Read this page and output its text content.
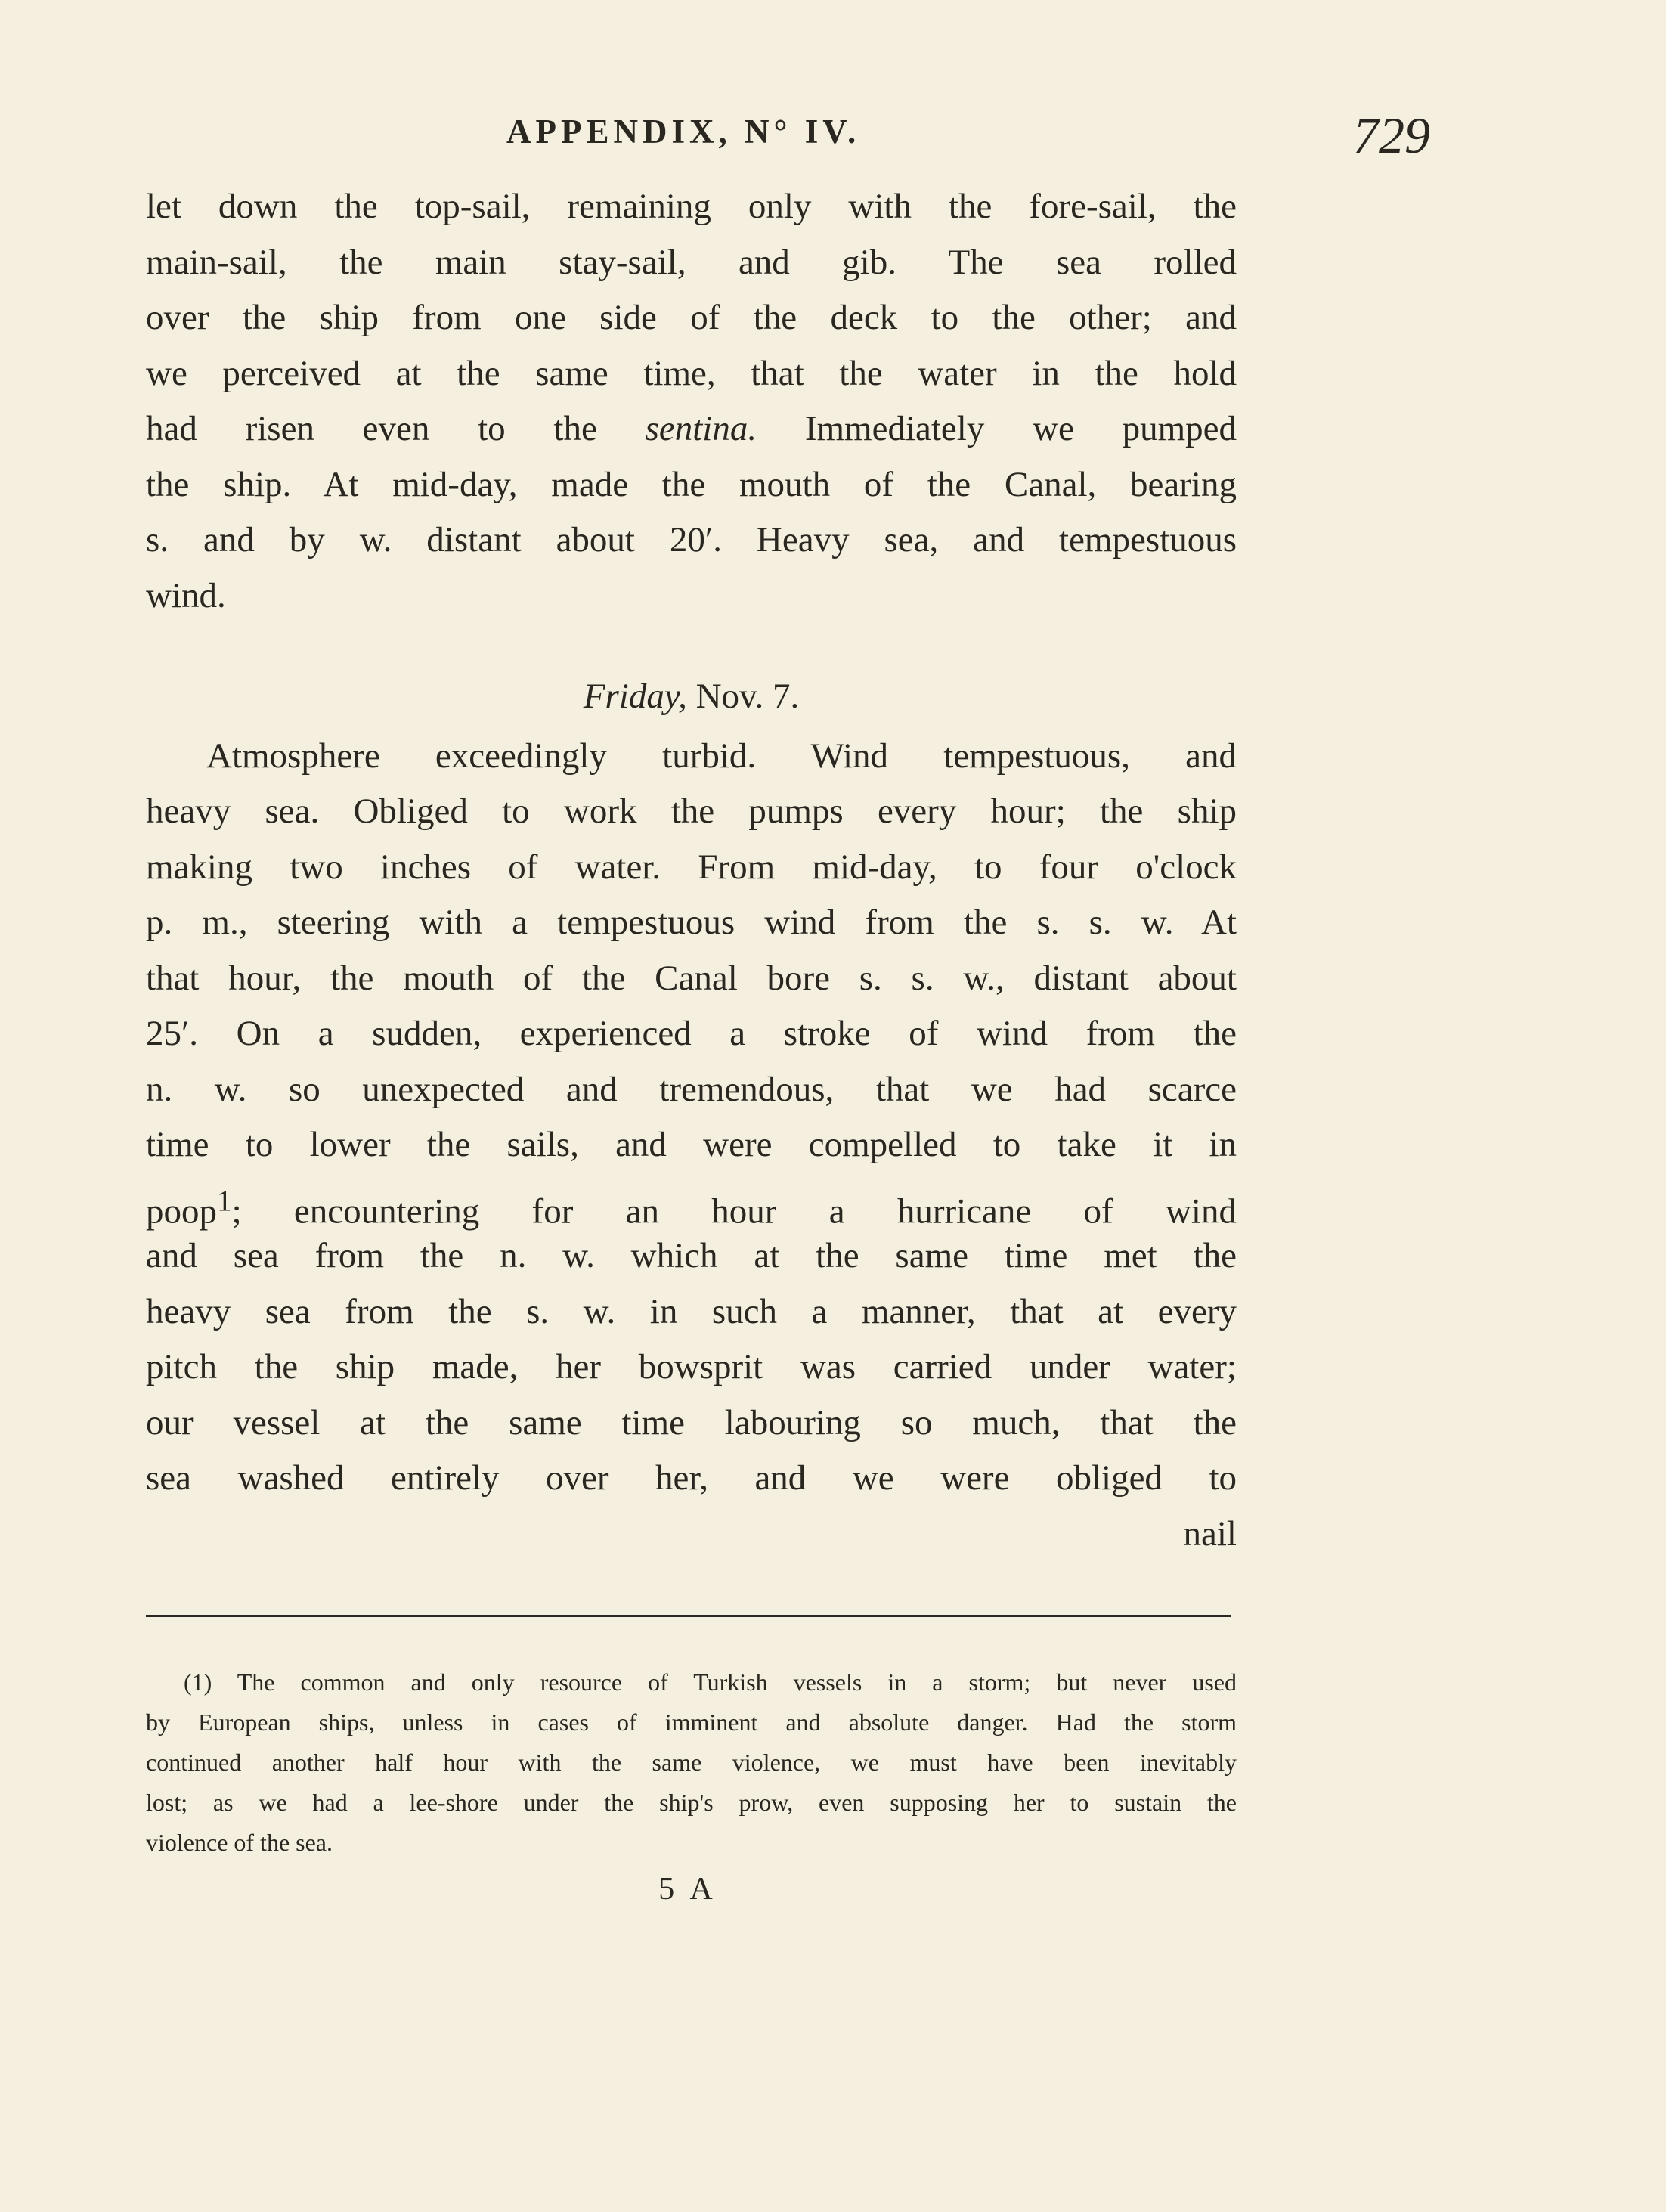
APPENDIX, N° IV.	729
let down the top-sail, remaining only with the fore-sail, the
main-sail, the main stay-sail, and gib. The sea rolled
over the ship from one side of the deck to the other; and
we perceived at the same time, that the water in the hold
had risen even to the sentina. Immediately we pumped
the ship. At mid-day, made the mouth of the Canal, bearing
s. and by w. distant about 20′. Heavy sea, and tempestuous
wind.
Friday, Nov. 7.
Atmosphere exceedingly turbid. Wind tempestuous, and
heavy sea. Obliged to work the pumps every hour; the ship
making two inches of water. From mid-day, to four o'clock
p. m., steering with a tempestuous wind from the s. s. w. At
that hour, the mouth of the Canal bore s. s. w., distant about
25′. On a sudden, experienced a stroke of wind from the
n. w. so unexpected and tremendous, that we had scarce
time to lower the sails, and were compelled to take it in
poop$^1$; encountering for an hour a hurricane of wind
and sea from the n. w. which at the same time met the
heavy sea from the s. w. in such a manner, that at every
pitch the ship made, her bowsprit was carried under water;
our vessel at the same time labouring so much, that the
sea washed entirely over her, and we were obliged to
nail
(1) The common and only resource of Turkish vessels in a storm; but never used
by European ships, unless in cases of imminent and absolute danger. Had the storm
continued another half hour with the same violence, we must have been inevitably
lost; as we had a lee-shore under the ship's prow, even supposing her to sustain the
violence of the sea.
5 A
